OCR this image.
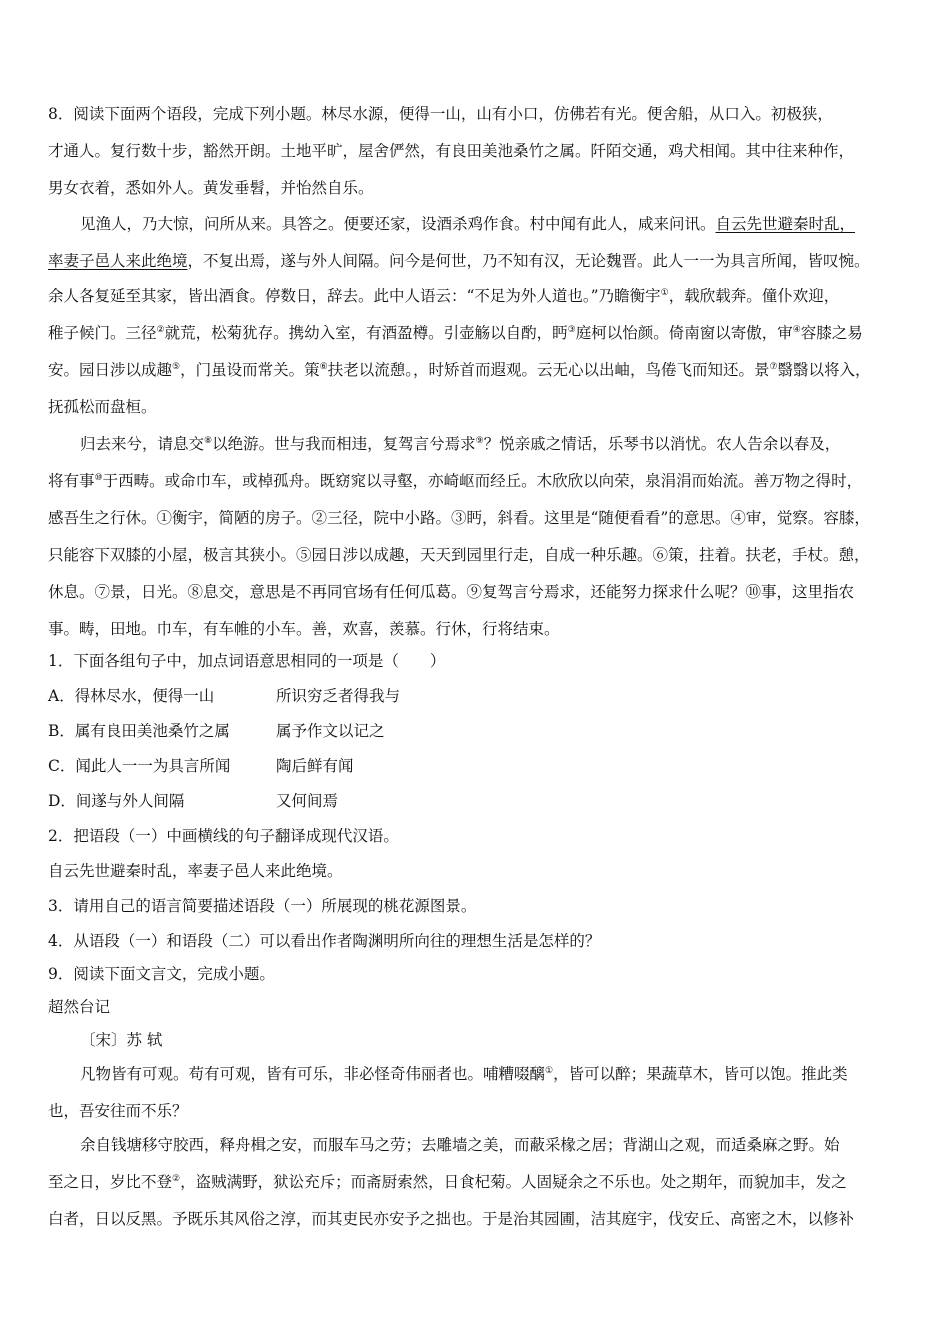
8．阅读下面两个语段，完成下列小题。林尽水源，便得一山，山有小口，仿佛若有光。便舍船，从口入。初极狭，
才通人。复行数十步，豁然开朗。土地平旷，屋舍俨然，有良田美池桑竹之属。阡陌交通，鸡犬相闻。其中往来种作，
男女衣着，悉如外人。黄发垂髫，并怡然自乐。
见渔人，乃大惊，问所从来。具答之。便要还家，设酒杀鸡作食。村中闻有此人，咸来问讯。自云先世避秦时乱，
率妻子邑人来此绝境，不复出焉，遂与外人间隔。问今是何世，乃不知有汉，无论魏晋。此人一一为具言所闻，皆叹惋。
余人各复延至其家，皆出酒食。停数日，辞去。此中人语云：“不足为外人道也。”乃瞻衡宇①，载欣载奔。僮仆欢迎，
稚子候门。三径②就荒，松菊犹存。携幼入室，有酒盈樽。引壶觞以自酌，眄③庭柯以怡颜。倚南窗以寄傲，审④容膝之易
安。园日涉以成趣⑤，门虽设而常关。策⑥扶老以流憩。，时矫首而遐观。云无心以出岫，鸟倦飞而知还。景⑦翳翳以将入，
抚孤松而盘桓。
归去来兮，请息交⑧以绝游。世与我而相违，复驾言兮焉求⑨？悦亲戚之情话，乐琴书以消忧。农人告余以春及，
将有事⑩于西畴。或命巾车，或棹孤舟。既窈窕以寻壑，亦崎岖而经丘。木欣欣以向荣，泉涓涓而始流。善万物之得时，
感吾生之行休。①衡宇，简陋的房子。②三径，院中小路。③眄，斜看。这里是“随便看看”的意思。④审，觉察。容膝，
只能容下双膝的小屋，极言其狭小。⑤园日涉以成趣，天天到园里行走，自成一种乐趣。⑥策，拄着。扶老，手杖。憩，
休息。⑦景，日光。⑧息交，意思是不再同官场有任何瓜葛。⑨复驾言兮焉求，还能努力探求什么呢？⑩事，这里指农
事。畴，田地。巾车，有车帷的小车。善，欢喜，羡慕。行休，行将结束。
1．下面各组句子中，加点词语意思相同的一项是（　　）
A．得林尽水，便得一山	所识穷乏者得我与
B．属有良田美池桑竹之属	属予作文以记之
C．闻此人一一为具言所闻	陶后鲜有闻
D．间遂与外人间隔	又何间焉
2．把语段（一）中画横线的句子翻译成现代汉语。
自云先世避秦时乱，率妻子邑人来此绝境。
3．请用自己的语言简要描述语段（一）所展现的桃花源图景。
4．从语段（一）和语段（二）可以看出作者陶渊明所向往的理想生活是怎样的？
9．阅读下面文言文，完成小题。
超然台记
〔宋〕苏 轼
凡物皆有可观。苟有可观，皆有可乐，非必怪奇伟丽者也。哺糟啜醨①，皆可以醉；果蔬草木，皆可以饱。推此类
也，吾安往而不乐？
余自钱塘移守胶西，释舟楫之安，而服车马之劳；去雕墙之美，而蔽采椽之居；背湖山之观，而适桑麻之野。始
至之日，岁比不登②，盗贼满野，狱讼充斥；而斋厨索然，日食杞菊。人固疑余之不乐也。处之期年，而貌加丰，发之
白者，日以反黑。予既乐其风俗之淳，而其吏民亦安予之拙也。于是治其园圃，洁其庭宇，伐安丘、高密之木，以修补
